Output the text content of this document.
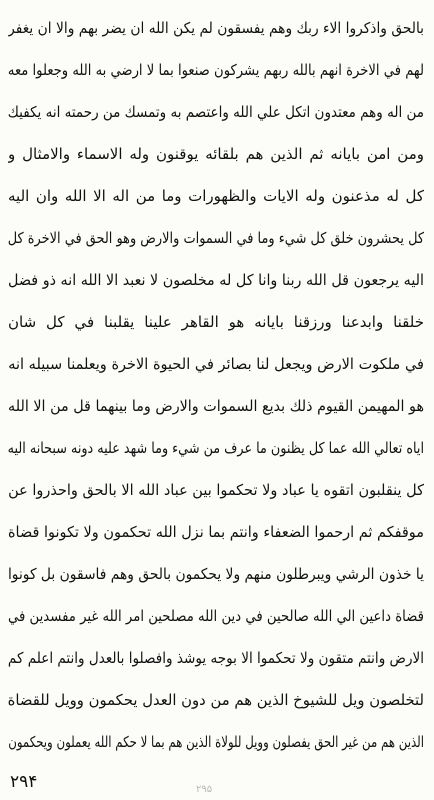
بالحق واذكروا الاء ربك وهم يفسقون لم يكن الله ان يضر بهم والا ان يغفر
لهم في الاخرة انهم بالله ربهم يشركون صنعوا بما لا ارضي به الله وجعلوا معه
من اله وهم معتدون اتكل علي الله واعتصم به وتمسك من رحمته انه يكفيك
ومن امن بايانه ثم الذين هم بلقائه يوقنون وله الاسماء والامثال و
كل له مذعنون وله الايات والظهورات وما من اله الا الله وان اليه
كل يحشرون خلق كل شيء وما في السموات والارض وهو الحق في الاخرة كل
اليه يرجعون قل الله ربنا وانا كل له مخلصون لا نعبد الا الله انه ذو فضل
خلقنا وابدعنا ورزقنا بايانه هو القاهر علينا يقلبنا في كل شان
في ملكوت الارض ويجعل لنا بصائر في الحيوة الاخرة ويعلمنا سبيله انه
هو المهيمن القيوم ذلك بديع السموات والارض وما بينهما قل من الا الله
اياه تعالي الله عما كل يظنون ما عرف من شيء وما شهد عليه دونه سبحانه اليه
كل ينقلبون اتقوه يا عباد ولا تحكموا بين عباد الله الا بالحق واحذروا عن
موقفكم ثم ارحموا الضعفاء وانتم بما نزل الله تحكمون ولا تكونوا قضاة
يا خذون الرشي ويبرطلون منهم ولا يحكمون بالحق وهم فاسقون بل كونوا
قضاة داعين الي الله صالحين في دين الله مصلحين امر الله غير مفسدين في
الارض وانتم متقون ولا تحكموا الا بوجه يوشذ وافصلوا بالعدل وانتم اعلم كم
لتخلصون ويل للشيوخ الذين هم من دون العدل يحكمون وويل للقضاة
الذين هم من غير الحق يفصلون وويل للولاة الذين هم بما لا حكم الله يعملون ويحكمون
۲۹۴	۲۹۵
